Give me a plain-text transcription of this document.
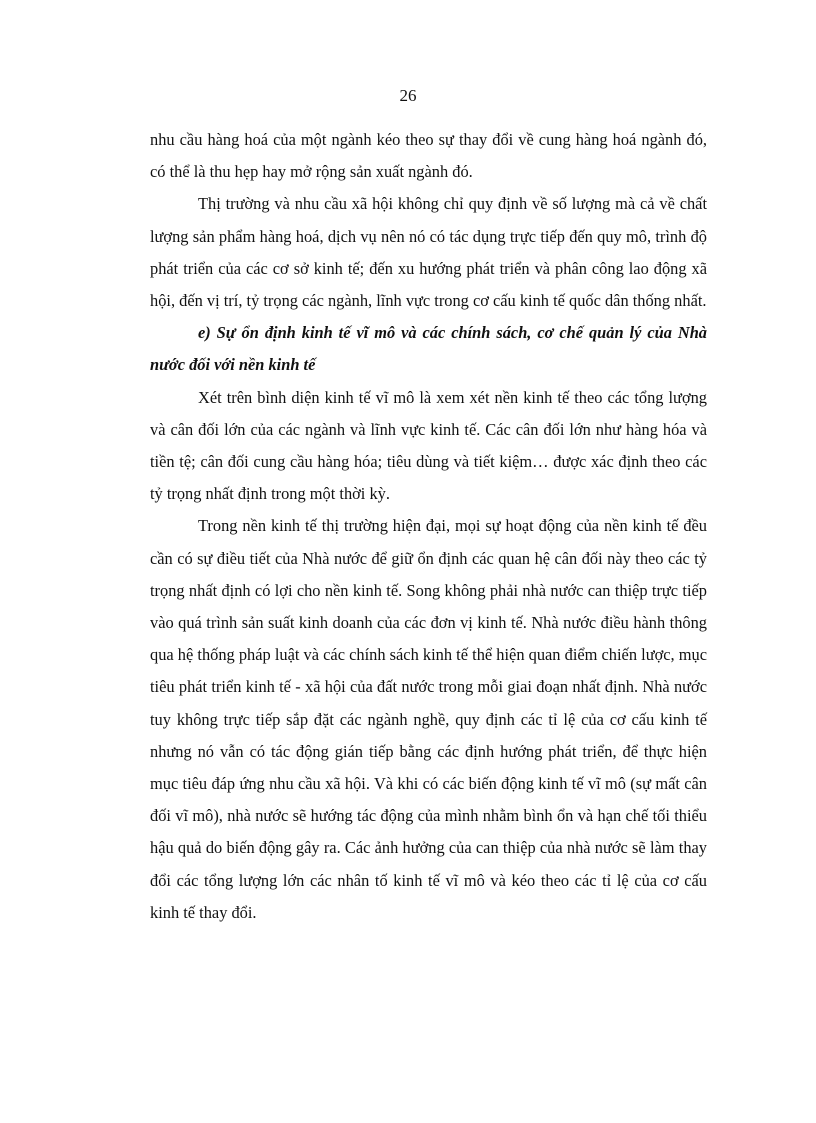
26

nhu cầu hàng hoá của một ngành kéo theo sự thay đổi về cung hàng hoá ngành đó, có thể là thu hẹp hay mở rộng sản xuất ngành đó.

Thị trường và nhu cầu xã hội không chỉ quy định về số lượng mà cả về chất lượng sản phẩm hàng hoá, dịch vụ nên nó có tác dụng trực tiếp đến quy mô, trình độ phát triển của các cơ sở kinh tế; đến xu hướng phát triển và phân công lao động xã hội, đến vị trí, tỷ trọng các ngành, lĩnh vực trong cơ cấu kinh tế quốc dân thống nhất.

e) Sự ổn định kinh tế vĩ mô và các chính sách, cơ chế quản lý của Nhà nước đối với nền kinh tế

Xét trên bình diện kinh tế vĩ mô là xem xét nền kinh tế theo các tổng lượng và cân đối lớn của các ngành và lĩnh vực kinh tế. Các cân đối lớn như hàng hóa và tiền tệ; cân đối cung cầu hàng hóa; tiêu dùng và tiết kiệm… được xác định theo các tỷ trọng nhất định trong một thời kỳ.

Trong nền kinh tế thị trường hiện đại, mọi sự hoạt động của nền kinh tế đều cần có sự điều tiết của Nhà nước để giữ ổn định các quan hệ cân đối này theo các tỷ trọng nhất định có lợi cho nền kinh tế. Song không phải nhà nước can thiệp trực tiếp vào quá trình sản suất kinh doanh của các đơn vị kinh tế. Nhà nước điều hành thông qua hệ thống pháp luật và các chính sách kinh tế thể hiện quan điểm chiến lược, mục tiêu phát triển kinh tế - xã hội của đất nước trong mỗi giai đoạn nhất định. Nhà nước tuy không trực tiếp sắp đặt các ngành nghề, quy định các tỉ lệ của cơ cấu kinh tế nhưng nó vẫn có tác động gián tiếp bằng các định hướng phát triển, để thực hiện mục tiêu đáp ứng nhu cầu xã hội. Và khi có các biến động kinh tế vĩ mô (sự mất cân đối vĩ mô), nhà nước sẽ hướng tác động của mình nhằm bình ổn và hạn chế tối thiểu hậu quả do biến động gây ra. Các ảnh hưởng của can thiệp của nhà nước sẽ làm thay đổi các tổng lượng lớn các nhân tố kinh tế vĩ mô và kéo theo các tỉ lệ của cơ cấu kinh tế thay đổi.
